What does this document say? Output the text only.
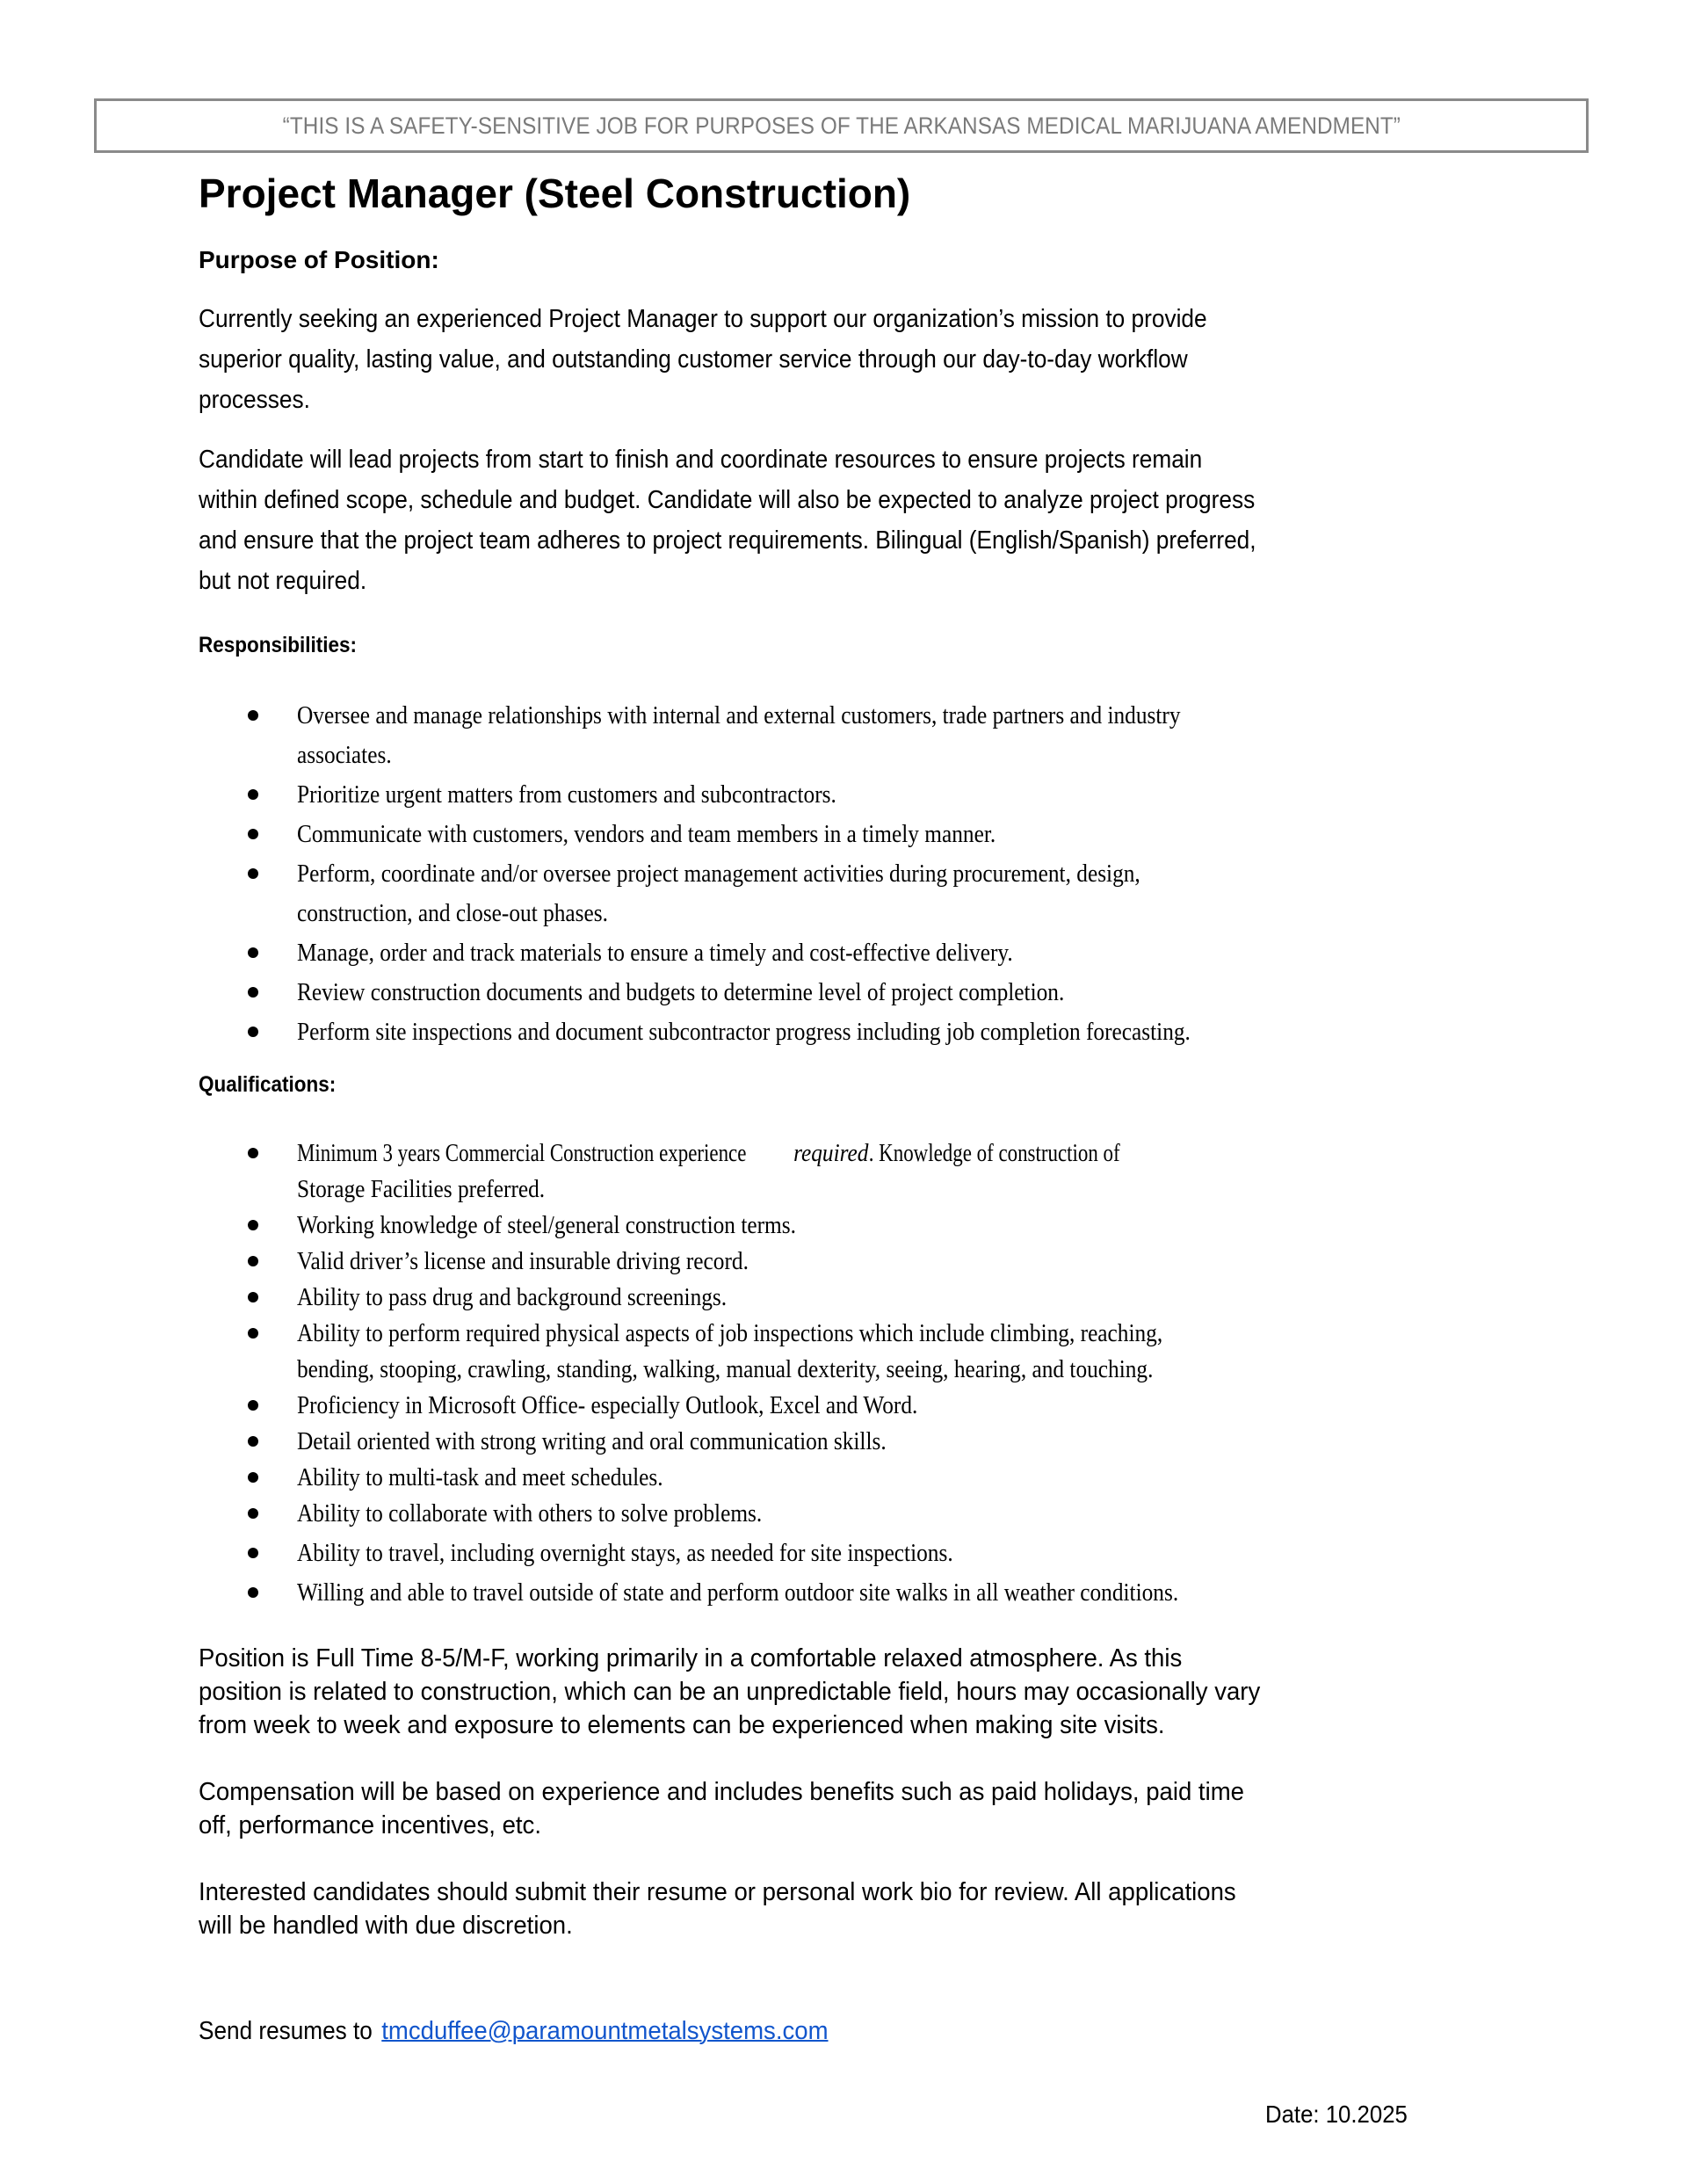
“THIS IS A SAFETY-SENSITIVE JOB FOR PURPOSES OF THE ARKANSAS MEDICAL MARIJUANA AMENDMENT”
Project Manager (Steel Construction)
Purpose of Position:
Currently seeking an experienced Project Manager to support our organization’s mission to provide
superior quality, lasting value, and outstanding customer service through our day-to-day workflow
processes.
Candidate will lead projects from start to finish and coordinate resources to ensure projects remain
within defined scope, schedule and budget. Candidate will also be expected to analyze project progress
and ensure that the project team adheres to project requirements. Bilingual (English/Spanish) preferred,
but not required.
Responsibilities:
Oversee and manage relationships with internal and external customers, trade partners and industry
associates.
Prioritize urgent matters from customers and subcontractors.
Communicate with customers, vendors and team members in a timely manner.
Perform, coordinate and/or oversee project management activities during procurement, design,
construction, and close-out phases.
Manage, order and track materials to ensure a timely and cost-effective delivery.
Review construction documents and budgets to determine level of project completion.
Perform site inspections and document subcontractor progress including job completion forecasting.
Qualifications:
Minimum 3 years Commercial Construction experiencerequired. Knowledge of construction of
Storage Facilities preferred.
Working knowledge of steel/general construction terms.
Valid driver’s license and insurable driving record.
Ability to pass drug and background screenings.
Ability to perform required physical aspects of job inspections which include climbing, reaching,
bending, stooping, crawling, standing, walking, manual dexterity, seeing, hearing, and touching.
Proficiency in Microsoft Office- especially Outlook, Excel and Word.
Detail oriented with strong writing and oral communication skills.
Ability to multi-task and meet schedules.
Ability to collaborate with others to solve problems.
Ability to travel, including overnight stays, as needed for site inspections.
Willing and able to travel outside of state and perform outdoor site walks in all weather conditions.
Position is Full Time 8-5/M-F, working primarily in a comfortable relaxed atmosphere. As this
position is related to construction, which can be an unpredictable field, hours may occasionally vary
from week to week and exposure to elements can be experienced when making site visits.
Compensation will be based on experience and includes benefits such as paid holidays, paid time
off, performance incentives, etc.
Interested candidates should submit their resume or personal work bio for review. All applications
will be handled with due discretion.
Send resumes totmcduffee@paramountmetalsystems.com
Date: 10.2025
